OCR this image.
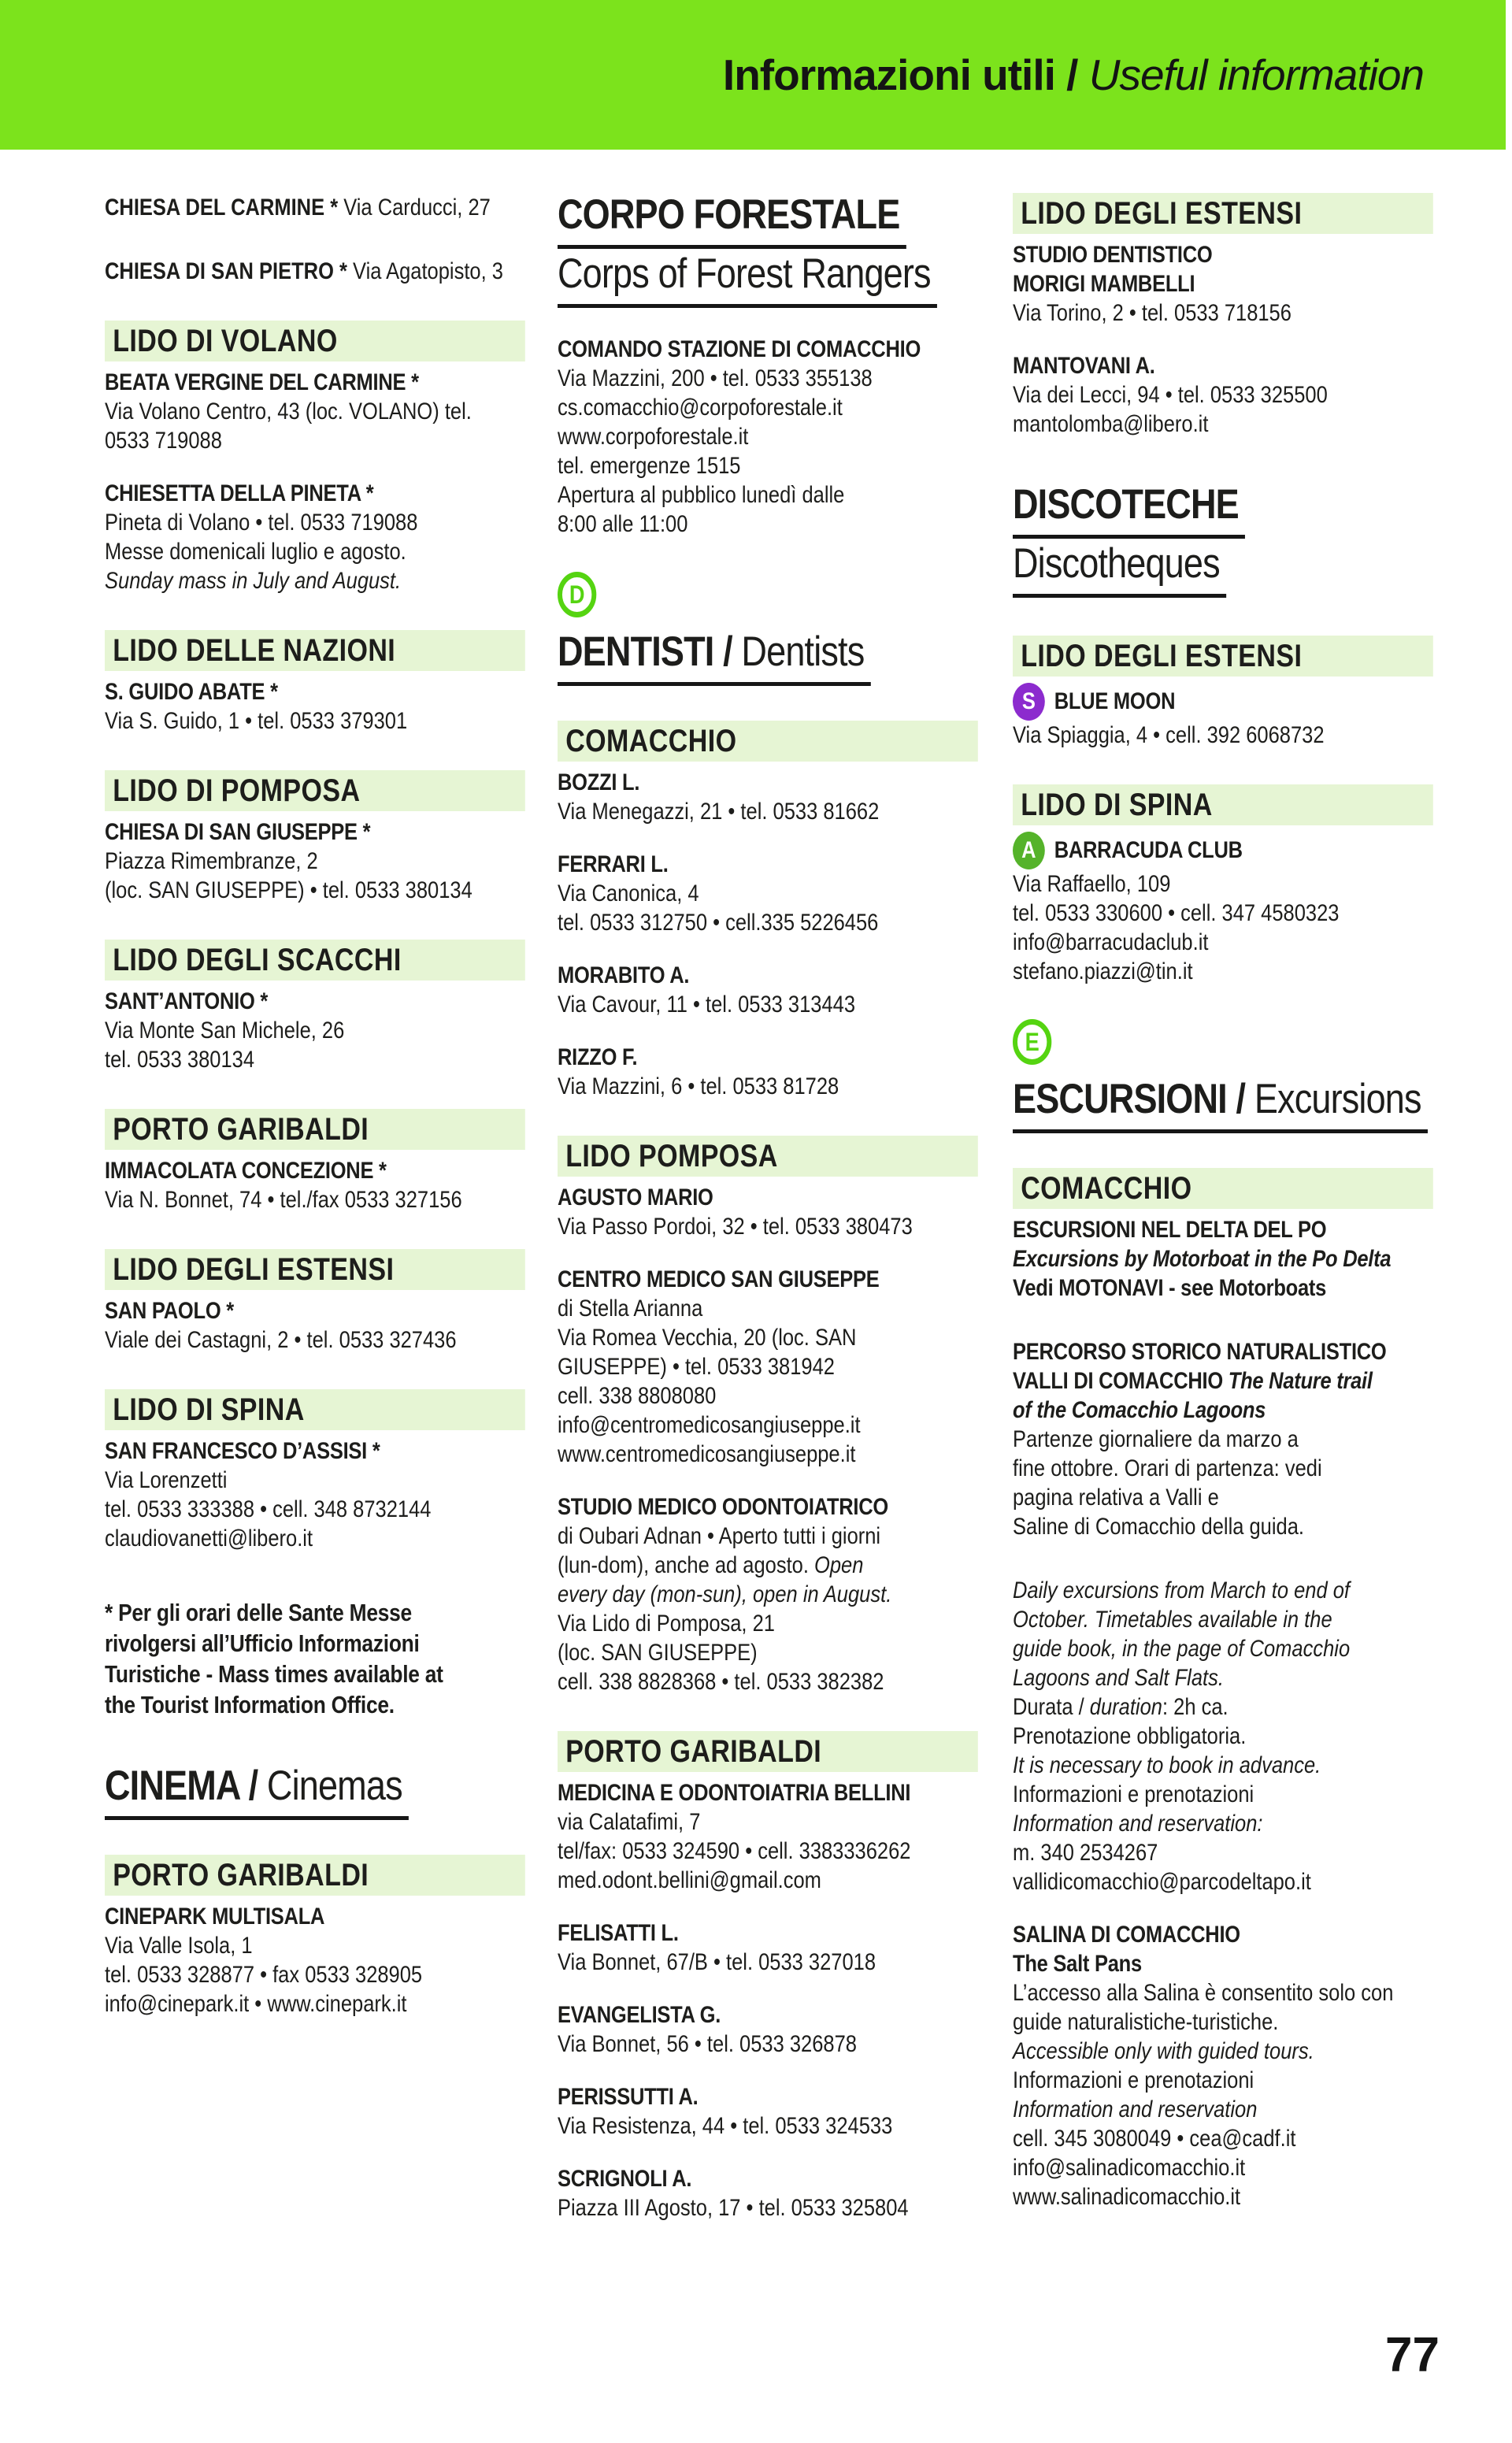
Informazioni utili / Useful information
CHIESA DEL CARMINE * Via Carducci, 27
CHIESA DI SAN PIETRO * Via Agatopisto, 3
LIDO DI VOLANO
BEATA VERGINE DEL CARMINE *
Via Volano Centro, 43 (loc. VOLANO) tel.
0533 719088
CHIESETTA DELLA PINETA *
Pineta di Volano • tel. 0533 719088
Messe domenicali luglio e agosto.
Sunday mass in July and August.
LIDO DELLE NAZIONI
S. GUIDO ABATE *
Via S. Guido, 1 • tel. 0533 379301
LIDO DI POMPOSA
CHIESA DI SAN GIUSEPPE *
Piazza Rimembranze, 2
(loc. SAN GIUSEPPE) • tel. 0533 380134
LIDO DEGLI SCACCHI
SANT’ANTONIO *
Via Monte San Michele, 26
tel. 0533 380134
PORTO GARIBALDI
IMMACOLATA CONCEZIONE *
Via N. Bonnet, 74 • tel./fax 0533 327156
LIDO DEGLI ESTENSI
SAN PAOLO *
Viale dei Castagni, 2 • tel. 0533 327436
LIDO DI SPINA
SAN FRANCESCO D’ASSISI *
Via Lorenzetti
tel. 0533 333388 • cell. 348 8732144
claudiovanetti@libero.it
* Per gli orari delle Sante Messe
rivolgersi all’Ufficio Informazioni
Turistiche - Mass times available at
the Tourist Information Office.
CINEMA / Cinemas
PORTO GARIBALDI
CINEPARK MULTISALA
Via Valle Isola, 1
tel. 0533 328877 • fax 0533 328905
info@cinepark.it • www.cinepark.it
CORPO FORESTALE
Corps of Forest Rangers
COMANDO STAZIONE DI COMACCHIO
Via Mazzini, 200 • tel. 0533 355138
cs.comacchio@corpoforestale.it
www.corpoforestale.it
tel. emergenze 1515
Apertura al pubblico lunedì dalle
8:00 alle 11:00
D
DENTISTI / Dentists
COMACCHIO
BOZZI L.
Via Menegazzi, 21 • tel. 0533 81662
FERRARI L.
Via Canonica, 4
tel. 0533 312750 • cell.335 5226456
MORABITO A.
Via Cavour, 11 • tel. 0533 313443
RIZZO F.
Via Mazzini, 6 • tel. 0533 81728
LIDO POMPOSA
AGUSTO MARIO
Via Passo Pordoi, 32 • tel. 0533 380473
CENTRO MEDICO SAN GIUSEPPE
di Stella Arianna
Via Romea Vecchia, 20 (loc. SAN
GIUSEPPE) • tel. 0533 381942
cell. 338 8808080
info@centromedicosangiuseppe.it
www.centromedicosangiuseppe.it
STUDIO MEDICO ODONTOIATRICO
di Oubari Adnan • Aperto tutti i giorni
(lun-dom), anche ad agosto. Open
every day (mon-sun), open in August.
Via Lido di Pomposa, 21
(loc. SAN GIUSEPPE)
cell. 338 8828368 • tel. 0533 382382
PORTO GARIBALDI
MEDICINA E ODONTOIATRIA BELLINI
via Calatafimi, 7
tel/fax: 0533 324590 • cell. 3383336262
med.odont.bellini@gmail.com
FELISATTI L.
Via Bonnet, 67/B • tel. 0533 327018
EVANGELISTA G.
Via Bonnet, 56 • tel. 0533 326878
PERISSUTTI A.
Via Resistenza, 44 • tel. 0533 324533
SCRIGNOLI A.
Piazza III Agosto, 17 • tel. 0533 325804
LIDO DEGLI ESTENSI
STUDIO DENTISTICO
MORIGI MAMBELLI
Via Torino, 2 • tel. 0533 718156
MANTOVANI A.
Via dei Lecci, 94 • tel. 0533 325500
mantolomba@libero.it
DISCOTECHE
Discotheques
LIDO DEGLI ESTENSI
S BLUE MOON
Via Spiaggia, 4 • cell. 392 6068732
LIDO DI SPINA
A BARRACUDA CLUB
Via Raffaello, 109
tel. 0533 330600 • cell. 347 4580323
info@barracudaclub.it
stefano.piazzi@tin.it
E
ESCURSIONI / Excursions
COMACCHIO
ESCURSIONI NEL DELTA DEL PO
Excursions by Motorboat in the Po Delta
Vedi MOTONAVI - see Motorboats
PERCORSO STORICO NATURALISTICO
VALLI DI COMACCHIO The Nature trail
of the Comacchio Lagoons
Partenze giornaliere da marzo a
fine ottobre. Orari di partenza: vedi
pagina relativa a Valli e
Saline di Comacchio della guida.
Daily excursions from March to end of
October. Timetables available in the
guide book, in the page of Comacchio
Lagoons and Salt Flats.
Durata / duration: 2h ca.
Prenotazione obbligatoria.
It is necessary to book in advance.
Informazioni e prenotazioni
Information and reservation:
m. 340 2534267
vallidicomacchio@parcodeltapo.it
SALINA DI COMACCHIO
The Salt Pans
L’accesso alla Salina è consentito solo con
guide naturalistiche-turistiche.
Accessible only with guided tours.
Informazioni e prenotazioni
Information and reservation
cell. 345 3080049 • cea@cadf.it
info@salinadicomacchio.it
www.salinadicomacchio.it
77
